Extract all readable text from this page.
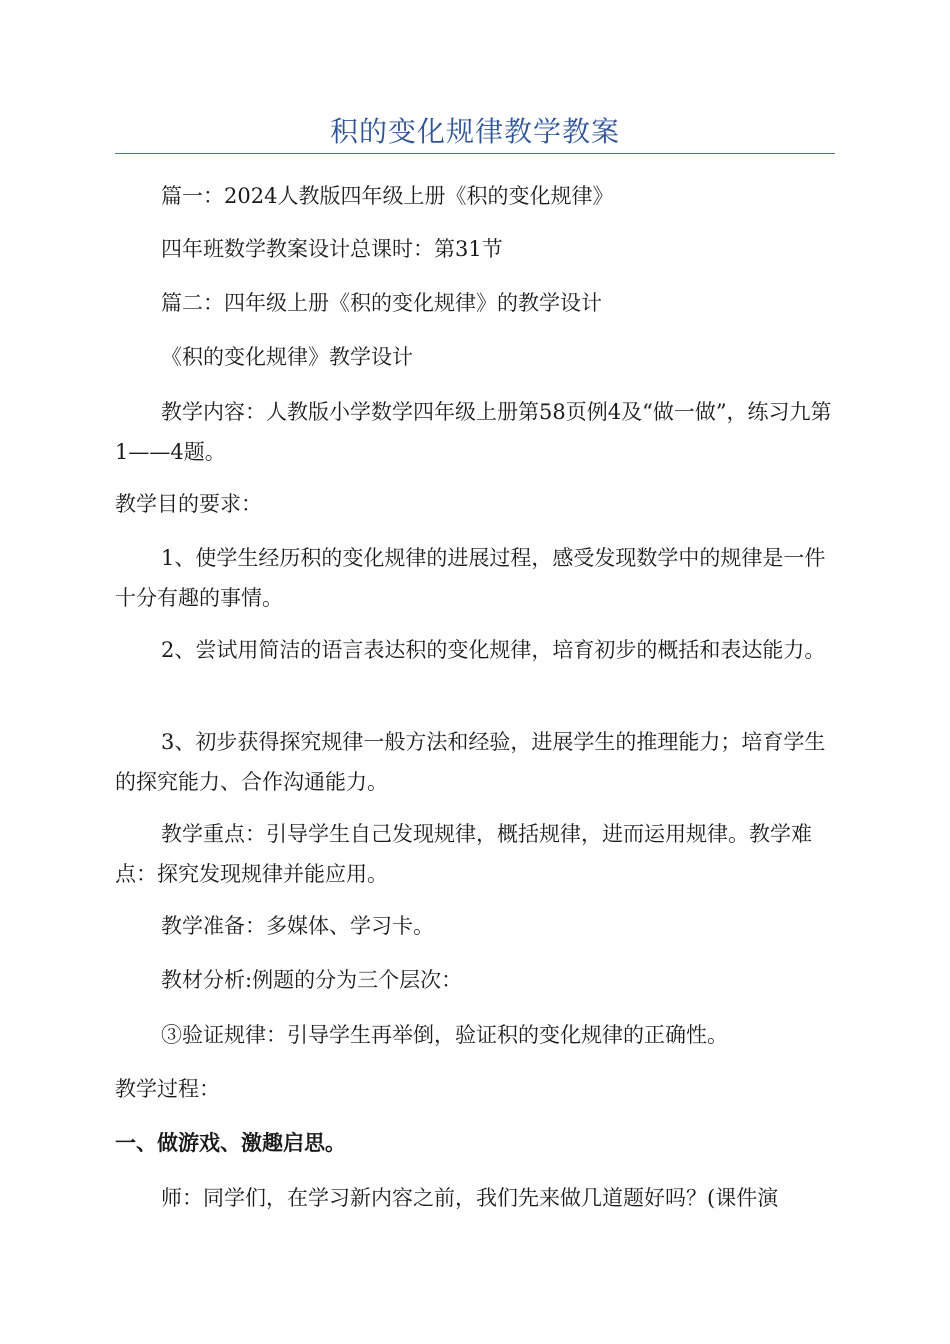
积的变化规律教学教案

篇一：2024人教版四年级上册《积的变化规律》

四年班数学教案设计总课时：第31节

篇二：四年级上册《积的变化规律》的教学设计

《积的变化规律》教学设计

教学内容：人教版小学数学四年级上册第58页例4及“做一做”，练习九第1——4题。

教学目的要求：

1、使学生经历积的变化规律的进展过程，感受发现数学中的规律是一件十分有趣的事情。

2、尝试用简洁的语言表达积的变化规律，培育初步的概括和表达能力。

3、初步获得探究规律一般方法和经验，进展学生的推理能力；培育学生的探究能力、合作沟通能力。

教学重点：引导学生自己发现规律，概括规律，进而运用规律。教学难点：探究发现规律并能应用。

教学准备：多媒体、学习卡。

教材分析:例题的分为三个层次：

③验证规律：引导学生再举倒，验证积的变化规律的正确性。

教学过程：

一、做游戏、激趣启思。

师：同学们，在学习新内容之前，我们先来做几道题好吗？(课件演
